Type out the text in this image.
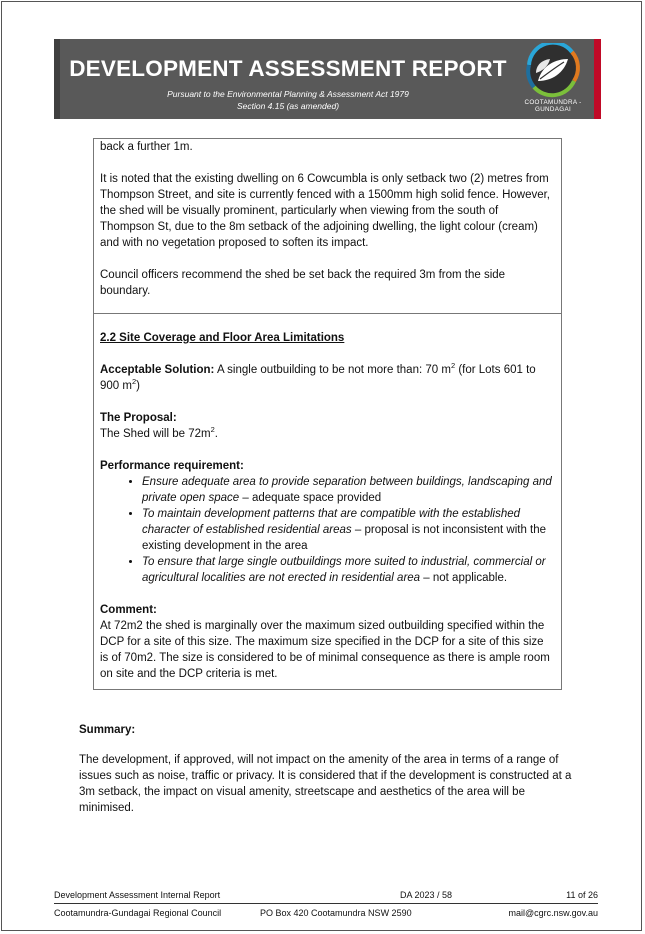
DEVELOPMENT ASSESSMENT REPORT
Pursuant to the Environmental Planning & Assessment Act 1979
Section 4.15 (as amended)	COOTAMUNDRA -
GUNDAGAI

back a further 1m.

It is noted that the existing dwelling on 6 Cowcumbla is only setback two (2) metres from Thompson Street, and site is currently fenced with a 1500mm high solid fence. However, the shed will be visually prominent, particularly when viewing from the south of Thompson St, due to the 8m setback of the adjoining dwelling, the light colour (cream) and with no vegetation proposed to soften its impact.

Council officers recommend the shed be set back the required 3m from the side boundary.

2.2 Site Coverage and Floor Area Limitations

Acceptable Solution: A single outbuilding to be not more than: 70 $m^2$ (for Lots 601 to 900 $m^2$)

The Proposal:

The Shed will be $72m^2$.

Performance requirement:

• Ensure adequate area to provide separation between buildings, landscaping and private open space – adequate space provided
• To maintain development patterns that are compatible with the established character of established residential areas – proposal is not inconsistent with the existing development in the area
• To ensure that large single outbuildings more suited to industrial, commercial or agricultural localities are not erected in residential area – not applicable.

Comment:

At 72m2 the shed is marginally over the maximum sized outbuilding specified within the DCP for a site of this size. The maximum size specified in the DCP for a site of this size is of 70m2. The size is considered to be of minimal consequence as there is ample room on site and the DCP criteria is met.

Summary:
The development, if approved, will not impact on the amenity of the area in terms of a range of issues such as noise, traffic or privacy. It is considered that if the development is constructed at a 3m setback, the impact on visual amenity, streetscape and aesthetics of the area will be minimised.
Development Assessment Internal Report	DA 2023 / 58	11 of 26
Cootamundra-Gundagai Regional Council	PO Box 420 Cootamundra NSW 2590	mail@cgrc.nsw.gov.au
